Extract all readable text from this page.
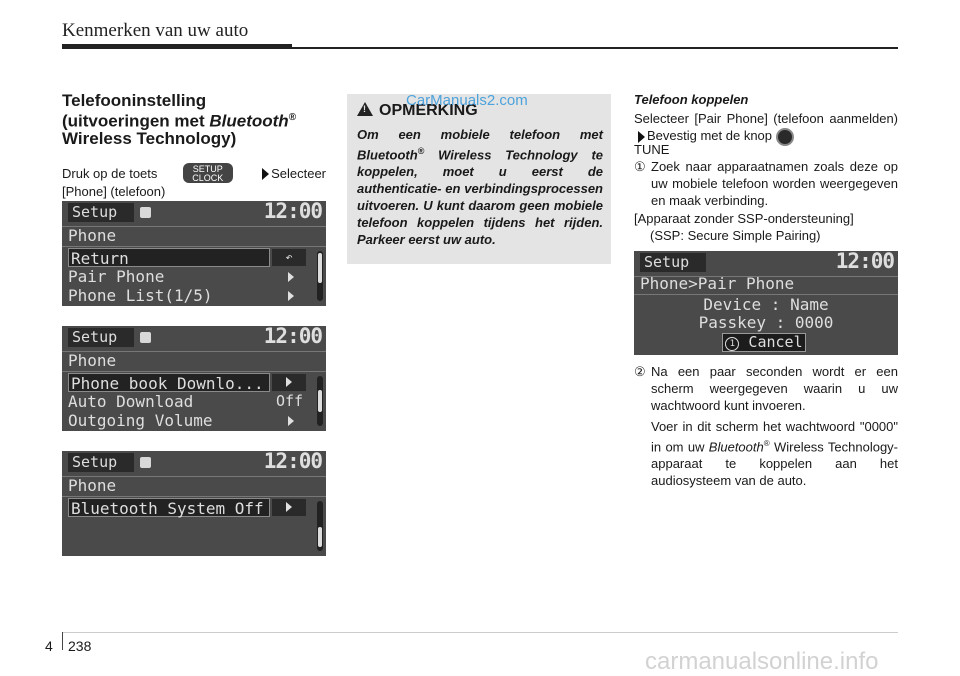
Kenmerken van uw auto
Telefooninstelling
(uitvoeringen met Bluetooth®
Wireless Technology)
Druk op de toets	SETUP
CLOCK	Selecteer
[Phone] (telefoon)
Setup	12:00
Phone
Return	↶
Pair Phone
Phone List(1/5)
Setup	12:00
Phone
Phone book Downlo...
Auto Download	Off
Outgoing Volume
Setup	12:00
Phone
Bluetooth System Off
!OPMERKING
Om een mobiele telefoon met Bluetooth® Wireless Technology te koppelen, moet u eerst de authenticatie- en verbindingsprocessen uitvoeren. U kunt daarom geen mobiele telefoon koppelen tijdens het rijden. Parkeer eerst uw auto.
CarManuals2.com	Telefoon koppelen
Selecteer [Pair Phone] (telefoon aanmelden) Bevestig met de knop
TUNE
① Zoek naar apparaatnamen zoals deze op uw mobiele telefoon worden weergegeven en maak verbinding.
[Apparaat zonder SSP-ondersteuning]
(SSP: Secure Simple Pairing)
Setup	12:00
Phone>Pair Phone
Device : Name
Passkey : 0000
1 Cancel
② Na een paar seconden wordt er een scherm weergegeven waarin u uw wachtwoord kunt invoeren.
Voer in dit scherm het wachtwoord "0000" in om uw Bluetooth® Wireless Technology-apparaat te koppelen aan het audiosysteem van de auto.
4 238
carmanualsonline.info
